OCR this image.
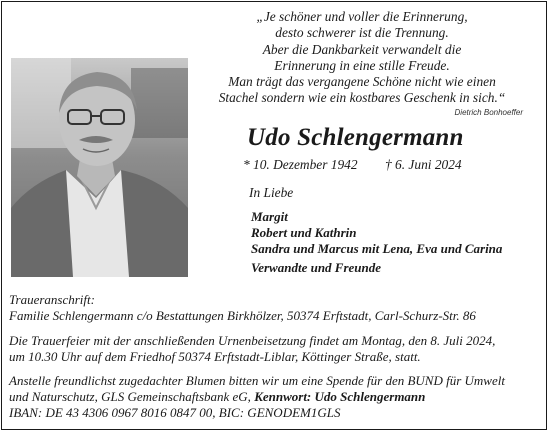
„Je schöner und voller die Erinnerung,
desto schwerer ist die Trennung.
Aber die Dankbarkeit verwandelt die
Erinnerung in eine stille Freude.
Man trägt das vergangene Schöne nicht wie einen
Stachel sondern wie ein kostbares Geschenk in sich.“
Dietrich Bonhoeffer
Udo Schlengermann
* 10. Dezember 1942 † 6. Juni 2024
In Liebe
Margit
Robert und Kathrin
Sandra und Marcus mit Lena, Eva und Carina
Verwandte und Freunde
Traueranschrift:
Familie Schlengermann c/o Bestattungen Birkhölzer, 50374 Erftstadt, Carl-Schurz-Str. 86
Die Trauerfeier mit der anschließenden Urnenbeisetzung findet am Montag, den 8. Juli 2024,
um 10.30 Uhr auf dem Friedhof 50374 Erftstadt-Liblar, Köttinger Straße, statt.
Anstelle freundlichst zugedachter Blumen bitten wir um eine Spende für den BUND für Umwelt
und Naturschutz, GLS Gemeinschaftsbank eG, Kennwort: Udo Schlengermann
IBAN: DE 43 4306 0967 8016 0847 00, BIC: GENODEM1GLS
